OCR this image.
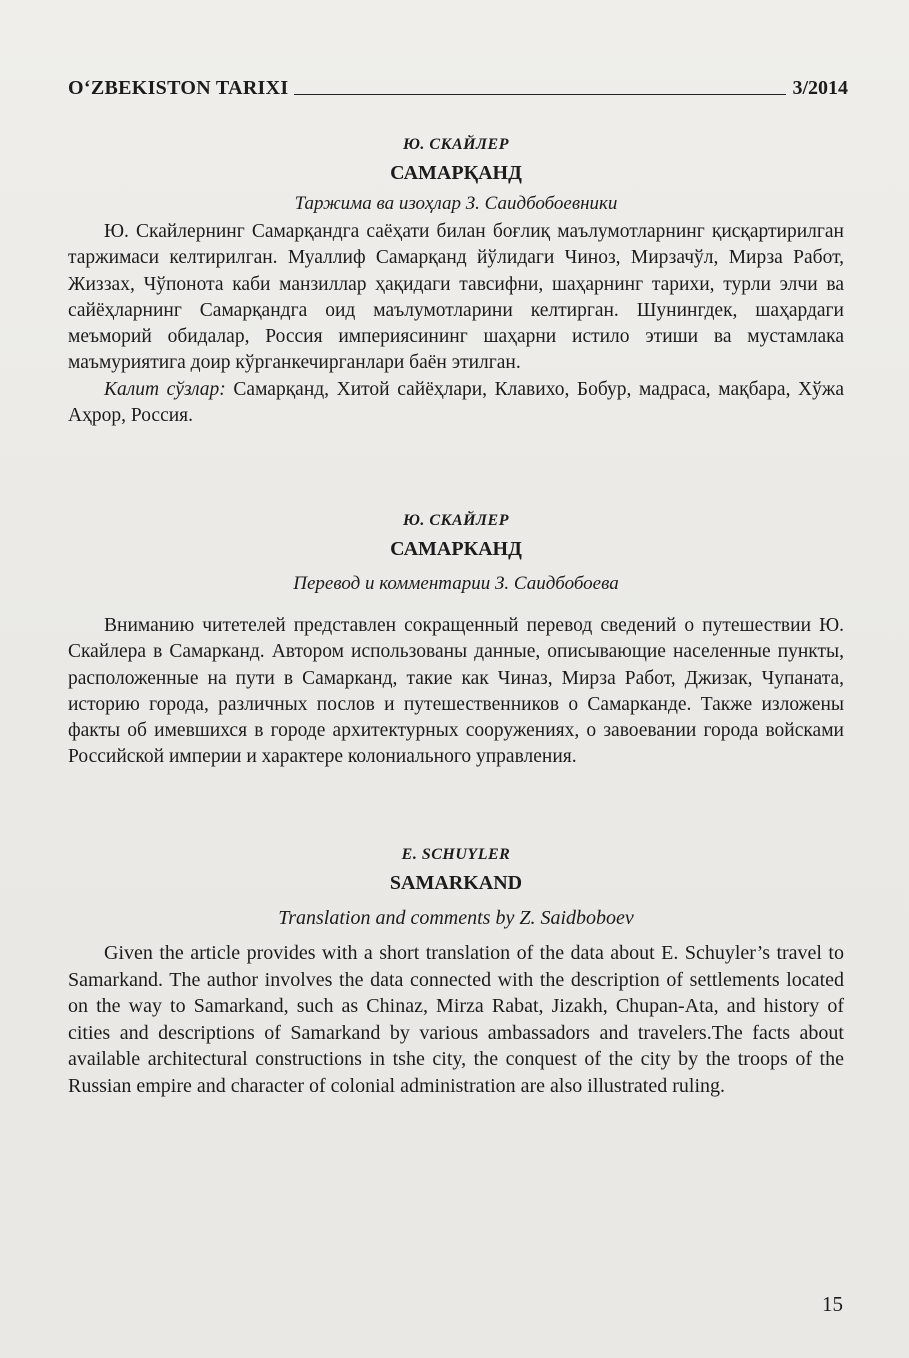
O‘ZBEKISTON TARIXI	3/2014
Ю. СКАЙЛЕР
САМАРҚАНД
Таржима ва изоҳлар З. Саидбобоевники
Ю. Скайлернинг Самарқандга саёҳати билан боғлиқ маълумотларнинг қисқартирилган таржимаси келтирилган. Муаллиф Самарқанд йўлидаги Чиноз, Мирзачўл, Мирза Работ, Жиззах, Чўпонота каби манзиллар ҳақидаги тавсифни, шаҳарнинг тарихи, турли элчи ва сайёҳларнинг Самарқандга оид маълумотларини келтирган. Шунингдек, шаҳардаги меъморий обидалар, Россия империясининг шаҳарни истило этиши ва мустамлака маъмуриятига доир кўрганкечирганлари баён этилган.
Калит сўзлар: Самарқанд, Хитой сайёҳлари, Клавихо, Бобур, мадраса, мақбара, Хўжа Аҳрор, Россия.
Ю. СКАЙЛЕР
САМАРКАНД
Перевод и комментарии З. Саидбобоева
Вниманию читетелей представлен сокращенный перевод сведений о путешествии Ю. Скайлера в Самарканд. Автором использованы данные, описывающие населенные пункты, расположенные на пути в Самарканд, такие как Чиназ, Мирза Работ, Джизак, Чупаната, историю города, различных послов и путешественников о Самарканде. Также изложены факты об имевшихся в городе архитектурных сооружениях, о завоевании города войсками Российской империи и характере колониального управления.
E. SCHUYLER
SAMARKAND
Translation and comments by Z. Saidboboev
Given the article provides with a short translation of the data about E. Schuyler’s travel to Samarkand. The author involves the data connected with the description of settlements located on the way to Samarkand, such as Chinaz, Mirza Rabat, Jizakh, Chupan-Ata, and history of cities and descriptions of Samarkand by various ambassadors and travelers.The facts about available architectural constructions in tshe city, the conquest of the city by the troops of the Russian empire and character of colonial administration are also illustrated ruling.
15
